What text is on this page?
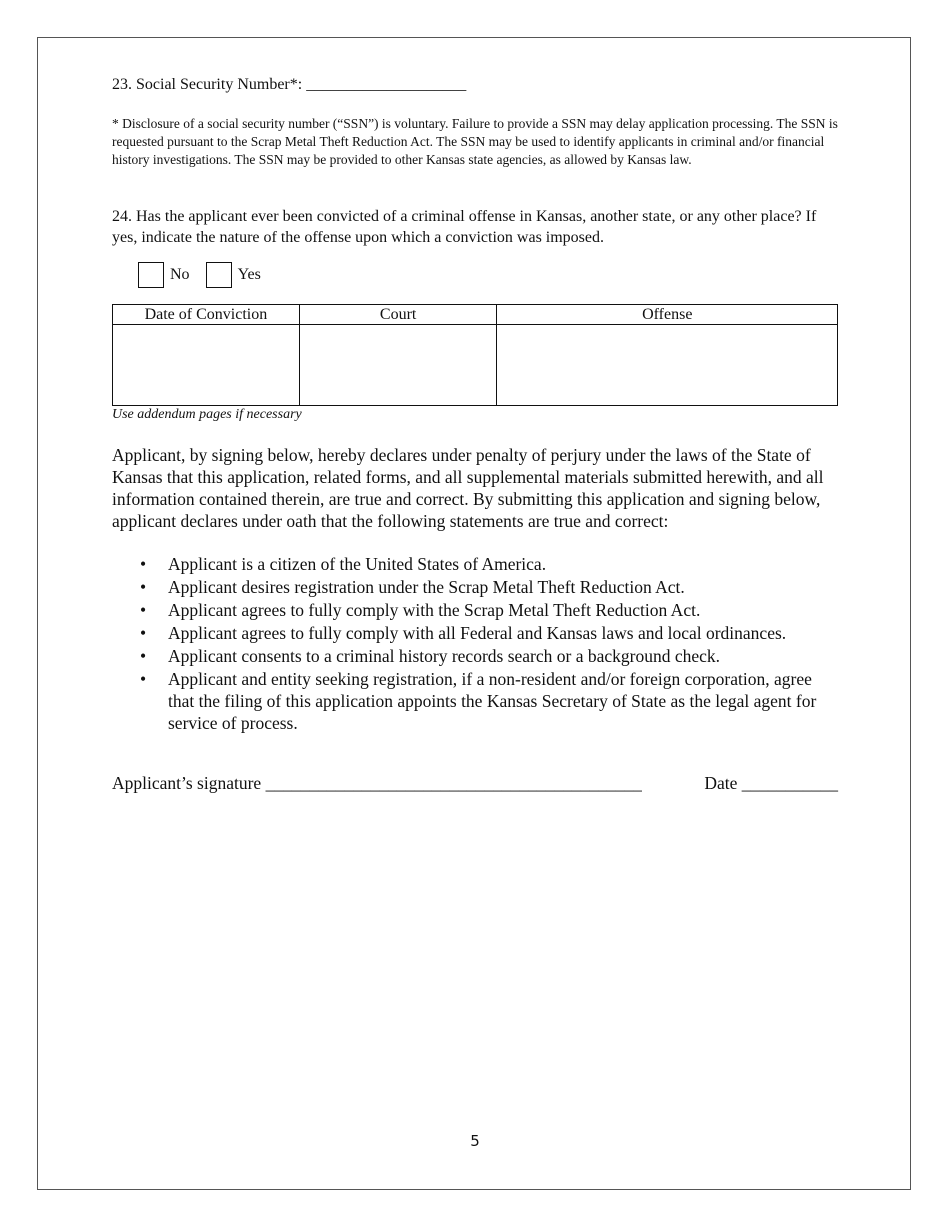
23. Social Security Number*: ____________________
* Disclosure of a social security number (“SSN”) is voluntary. Failure to provide a SSN may delay application processing. The SSN is requested pursuant to the Scrap Metal Theft Reduction Act. The SSN may be used to identify applicants in criminal and/or financial history investigations. The SSN may be provided to other Kansas state agencies, as allowed by Kansas law.
24. Has the applicant ever been convicted of a criminal offense in Kansas, another state, or any other place? If yes, indicate the nature of the offense upon which a conviction was imposed.
No	Yes
Date of Conviction	Court	Offense

Use addendum pages if necessary
Applicant, by signing below, hereby declares under penalty of perjury under the laws of the State of Kansas that this application, related forms, and all supplemental materials submitted herewith, and all information contained therein, are true and correct. By submitting this application and signing below, applicant declares under oath that the following statements are true and correct:
• Applicant is a citizen of the United States of America.
• Applicant desires registration under the Scrap Metal Theft Reduction Act.
• Applicant agrees to fully comply with the Scrap Metal Theft Reduction Act.
• Applicant agrees to fully comply with all Federal and Kansas laws and local ordinances.
• Applicant consents to a criminal history records search or a background check.
• Applicant and entity seeking registration, if a non-resident and/or foreign corporation, agree that the filing of this application appoints the Kansas Secretary of State as the legal agent for service of process.
Applicant’s signature ___________________________________________	Date ___________
5
